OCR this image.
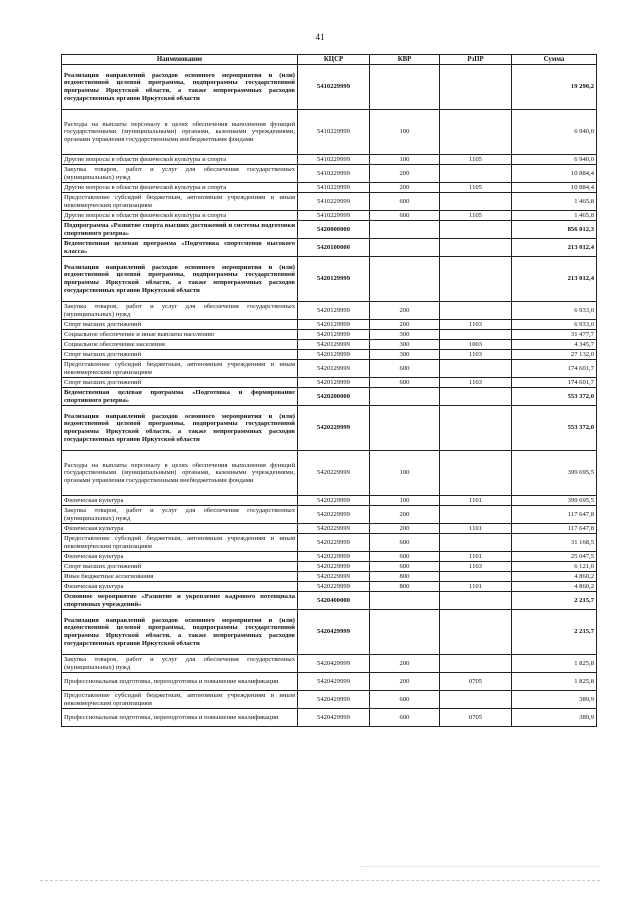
41
Наименование	КЦСР	КВР	РзПР	Сумма
Реализация направлений расходов основного мероприятия и (или) ведомственной целевой программы, подпрограммы государственной программы Иркутской области, а также непрограммных расходов государственных органов Иркутской области	5410229999			19 290,2
Расходы на выплаты персоналу в целях обеспечения выполнения функций государственными (муниципальными) органами, казенными учреждениями, органами управления государственными внебюджетными фондами	5410229999	100		6 940,0
Другие вопросы в области физической культуры и спорта	5410229999	100	1105	6 940,0
Закупка товаров, работ и услуг для обеспечения государственных (муниципальных) нужд	5410229999	200		10 884,4
Другие вопросы в области физической культуры и спорта	5410229999	200	1105	10 884,4
Предоставление субсидий бюджетным, автономным учреждениям и иным некоммерческим организациям	5410229999	600		1 465,8
Другие вопросы в области физической культуры и спорта	5410229999	600	1105	1 465,8
Подпрограмма «Развитие спорта высших достижений и системы подготовки спортивного резерва»	5420000000			856 012,3
Ведомственная целевая программа «Подготовка спортсменов высокого класса»	5420100000			213 012,4
Реализация направлений расходов основного мероприятия и (или) ведомственной целевой программы, подпрограммы государственной программы Иркутской области, а также непрограммных расходов государственных органов Иркутской области	5420129999			213 012,4
Закупка товаров, работ и услуг для обеспечения государственных (муниципальных) нужд	5420129999	200		6 933,0
Спорт высших достижений	5420129999	200	1103	6 933,0
Социальное обеспечение и иные выплаты населению	5420129999	300		31 477,7
Социальное обеспечение населения	5420129999	300	1003	4 345,7
Спорт высших достижений	5420129999	300	1103	27 132,0
Предоставление субсидий бюджетным, автономным учреждениям и иным некоммерческим организациям	5420129999	600		174 601,7
Спорт высших достижений	5420129999	600	1103	174 601,7
Ведомственная целевая программа «Подготовка и формирование спортивного резерва»	5420200000			553 372,0
Реализация направлений расходов основного мероприятия и (или) ведомственной целевой программы, подпрограммы государственной программы Иркутской области, а также непрограммных расходов государственных органов Иркутской области	5420229999			553 372,0
Расходы на выплаты персоналу в целях обеспечения выполнения функций государственными (муниципальными) органами, казенными учреждениями, органами управления государственными внебюджетными фондами	5420229999	100		399 695,5
Физическая культура	5420229999	100	1101	399 695,5
Закупка товаров, работ и услуг для обеспечения государственных (муниципальных) нужд	5420229999	200		117 647,8
Физическая культура	5420229999	200	1101	117 647,8
Предоставление субсидий бюджетным, автономным учреждениям и иным некоммерческим организациям	5420229999	600		31 168,5
Физическая культура	5420229999	600	1101	25 047,5
Спорт высших достижений	5420229999	600	1103	6 121,0
Иные бюджетные ассигнования	5420229999	800		4 860,2
Физическая культура	5420229999	800	1101	4 860,2
Основное мероприятие «Развитие и укрепление кадрового потенциала спортивных учреждений»	5420400000			2 215,7
Реализация направлений расходов основного мероприятия и (или) ведомственной целевой программы, подпрограммы государственной программы Иркутской области, а также непрограммных расходов государственных органов Иркутской области	5420429999			2 215,7
Закупка товаров, работ и услуг для обеспечения государственных (муниципальных) нужд	5420429999	200		1 825,8
Профессиональная подготовка, переподготовка и повышение квалификации	5420429999	200	0705	1 825,8
Предоставление субсидий бюджетным, автономным учреждениям и иным некоммерческим организациям	5420429999	600		389,9
Профессиональная подготовка, переподготовка и повышение квалификации	5420429999	600	0705	389,9
